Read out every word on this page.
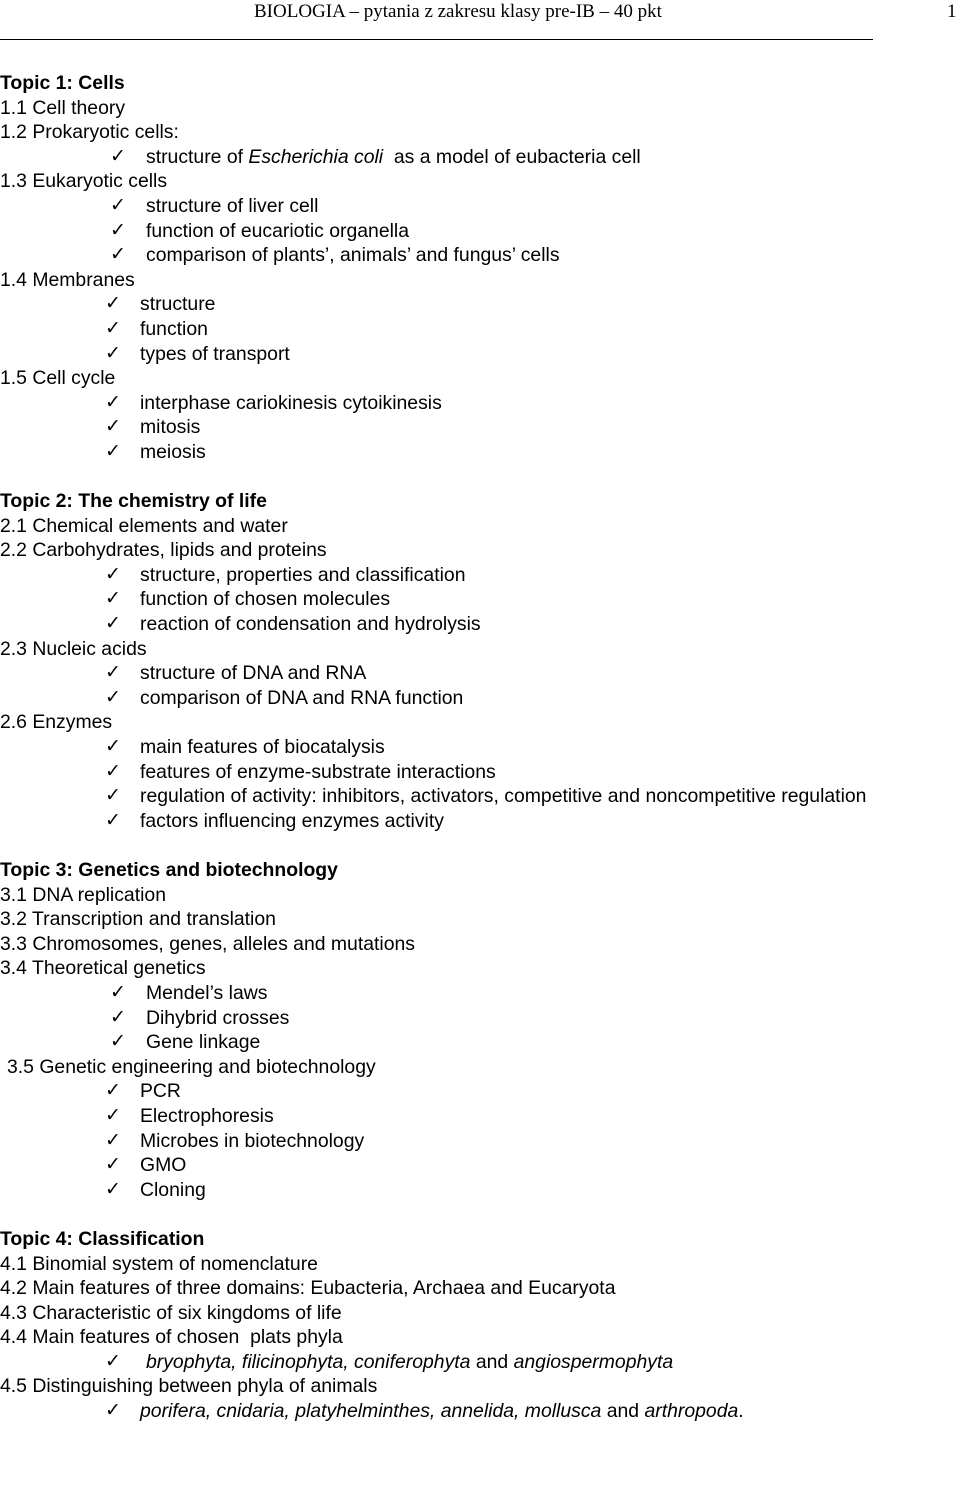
BIOLOGIA – pytania z zakresu klasy pre-IB – 40 pkt	1
Topic 1: Cells
1.1 Cell theory
1.2 Prokaryotic cells:

✓

structure of Escherichia coli  as a model of eubacteria cell

1.3 Eukaryotic cells

✓

structure of liver cell

✓

function of eucariotic organella

✓

comparison of plants’, animals’ and fungus’ cells

1.4 Membranes

✓

structure

✓

function

✓

types of transport

1.5 Cell cycle

✓

interphase cariokinesis cytoikinesis

✓

mitosis

✓

meiosis

Topic 2: The chemistry of life
2.1 Chemical elements and water
2.2 Carbohydrates, lipids and proteins

✓

structure, properties and classification

✓

function of chosen molecules

✓

reaction of condensation and hydrolysis

2.3 Nucleic acids

✓

structure of DNA and RNA

✓

comparison of DNA and RNA function

2.6 Enzymes

✓

main features of biocatalysis

✓

features of enzyme-substrate interactions

✓

regulation of activity: inhibitors, activators, competitive and noncompetitive regulation

✓

factors influencing enzymes activity

Topic 3: Genetics and biotechnology
3.1 DNA replication
3.2 Transcription and translation
3.3 Chromosomes, genes, alleles and mutations
3.4 Theoretical genetics

✓

Mendel’s laws

✓

Dihybrid crosses

✓

Gene linkage

3.5 Genetic engineering and biotechnology

✓

PCR

✓

Electrophoresis

✓

Microbes in biotechnology

✓

GMO

✓

Cloning

Topic 4: Classification
4.1 Binomial system of nomenclature
4.2 Main features of three domains: Eubacteria, Archaea and Eucaryota
4.3 Characteristic of six kingdoms of life
4.4 Main features of chosen  plats phyla

✓

bryophyta, filicinophyta, coniferophyta and angiospermophyta

4.5 Distinguishing between phyla of animals

✓

porifera, cnidaria, platyhelminthes, annelida, mollusca and arthropoda.
